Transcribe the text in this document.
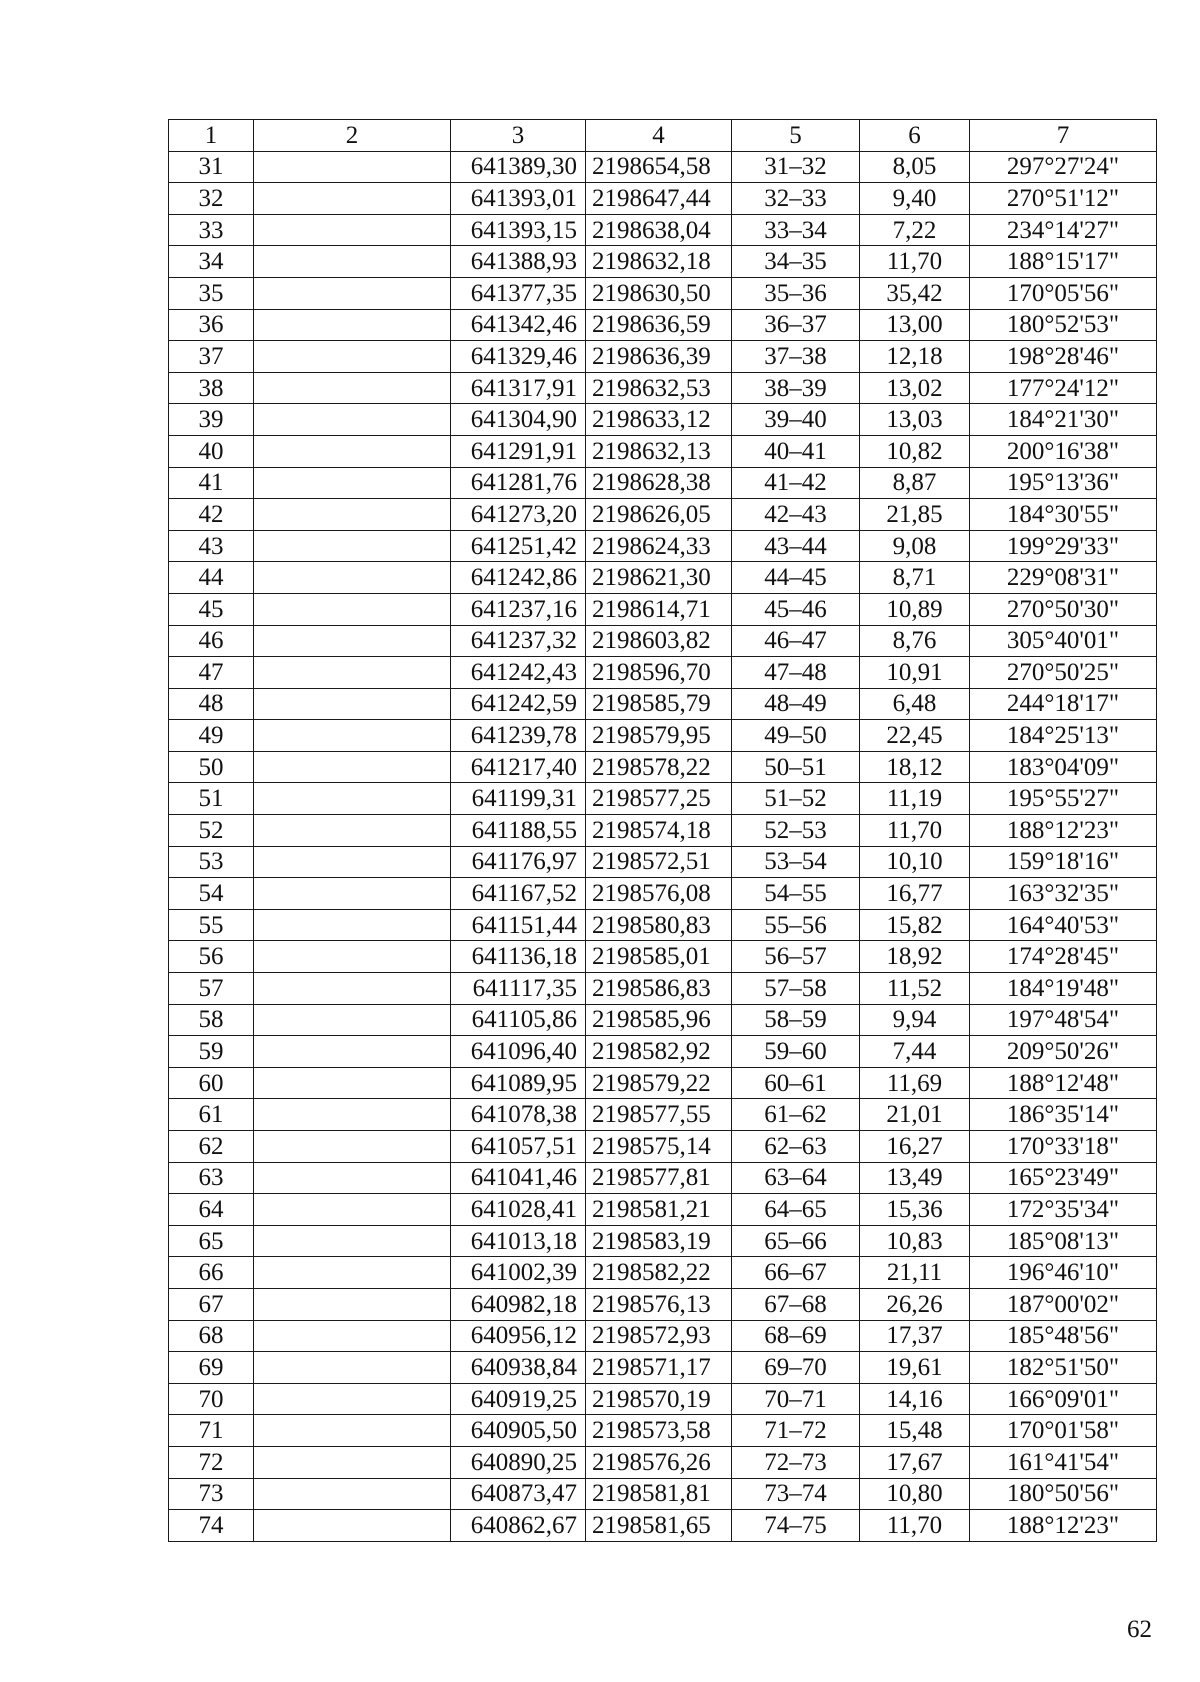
1	2	3	4	5	6	7
31		641389,30	2198654,58	31–32	8,05	297°27'24"
32		641393,01	2198647,44	32–33	9,40	270°51'12"
33		641393,15	2198638,04	33–34	7,22	234°14'27"
34		641388,93	2198632,18	34–35	11,70	188°15'17"
35		641377,35	2198630,50	35–36	35,42	170°05'56"
36		641342,46	2198636,59	36–37	13,00	180°52'53"
37		641329,46	2198636,39	37–38	12,18	198°28'46"
38		641317,91	2198632,53	38–39	13,02	177°24'12"
39		641304,90	2198633,12	39–40	13,03	184°21'30"
40		641291,91	2198632,13	40–41	10,82	200°16'38"
41		641281,76	2198628,38	41–42	8,87	195°13'36"
42		641273,20	2198626,05	42–43	21,85	184°30'55"
43		641251,42	2198624,33	43–44	9,08	199°29'33"
44		641242,86	2198621,30	44–45	8,71	229°08'31"
45		641237,16	2198614,71	45–46	10,89	270°50'30"
46		641237,32	2198603,82	46–47	8,76	305°40'01"
47		641242,43	2198596,70	47–48	10,91	270°50'25"
48		641242,59	2198585,79	48–49	6,48	244°18'17"
49		641239,78	2198579,95	49–50	22,45	184°25'13"
50		641217,40	2198578,22	50–51	18,12	183°04'09"
51		641199,31	2198577,25	51–52	11,19	195°55'27"
52		641188,55	2198574,18	52–53	11,70	188°12'23"
53		641176,97	2198572,51	53–54	10,10	159°18'16"
54		641167,52	2198576,08	54–55	16,77	163°32'35"
55		641151,44	2198580,83	55–56	15,82	164°40'53"
56		641136,18	2198585,01	56–57	18,92	174°28'45"
57		641117,35	2198586,83	57–58	11,52	184°19'48"
58		641105,86	2198585,96	58–59	9,94	197°48'54"
59		641096,40	2198582,92	59–60	7,44	209°50'26"
60		641089,95	2198579,22	60–61	11,69	188°12'48"
61		641078,38	2198577,55	61–62	21,01	186°35'14"
62		641057,51	2198575,14	62–63	16,27	170°33'18"
63		641041,46	2198577,81	63–64	13,49	165°23'49"
64		641028,41	2198581,21	64–65	15,36	172°35'34"
65		641013,18	2198583,19	65–66	10,83	185°08'13"
66		641002,39	2198582,22	66–67	21,11	196°46'10"
67		640982,18	2198576,13	67–68	26,26	187°00'02"
68		640956,12	2198572,93	68–69	17,37	185°48'56"
69		640938,84	2198571,17	69–70	19,61	182°51'50"
70		640919,25	2198570,19	70–71	14,16	166°09'01"
71		640905,50	2198573,58	71–72	15,48	170°01'58"
72		640890,25	2198576,26	72–73	17,67	161°41'54"
73		640873,47	2198581,81	73–74	10,80	180°50'56"
74		640862,67	2198581,65	74–75	11,70	188°12'23"
62
